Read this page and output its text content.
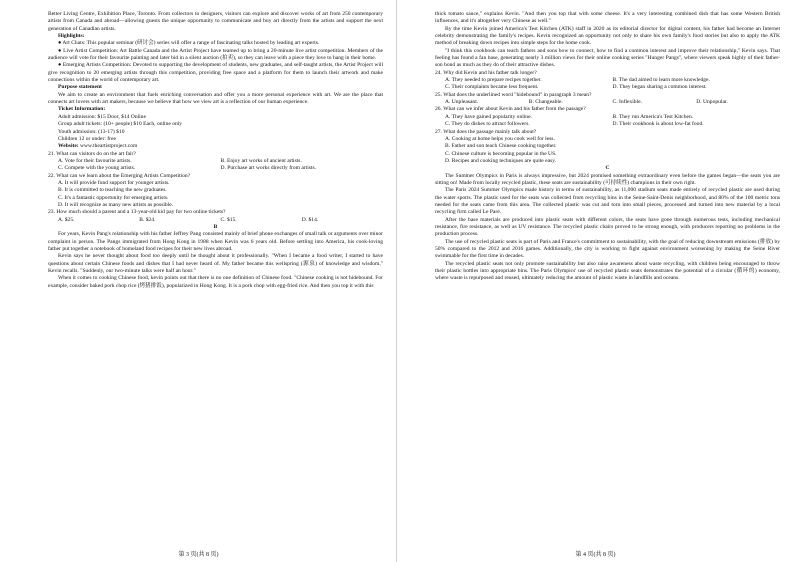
Better Living Centre, Exhibition Place, Toronto. From collectors to designers, visitors can explore and discover works of art from 250 contemporary artists from Canada and abroad—allowing guests the unique opportunity to communicate and buy art directly from the artists and support the next generation of Canadian artists.

Highlights:

● Art Chats: This popular seminar (研讨会) series will offer a range of fascinating talks hosted by leading art experts.

● Live Artist Competition: Art Battle Canada and the Artist Project have teamed up to bring a 20-minute live artist competition. Members of the audience will vote for their favourite painting and later bid in a silent auction (拍卖), so they can leave with a piece they love to hang in their home.

● Emerging Artists Competition: Devoted to supporting the development of students, new graduates, and self-taught artists, the Artist Project will give recognition to 20 emerging artists through this competition, providing free space and a platform for them to launch their artwork and make connections within the world of contemporary art.

Purpose statement

We aim to create an environment that fuels enriching conversation and offer you a more personal experience with art. We are the place that connects art lovers with art makers, because we believe that how we view art is a reflection of our human experience.

Ticket Information:

Adult admission: $15 Door, $14 Online

Group adult tickets: (10+ people) $10 Each, online only

Youth admission: (13-17) $10

Children 12 or under: free

Website: www.theartistproject.com

21. What can visitors do on the art fair?

A. Vote for their favourite artists.	B. Enjoy art works of ancient artists.
C. Compete with the young artists.	D. Purchase art works directly from artists.

22. What can we learn about the Emerging Artists Competition?

A. It will provide fund support for younger artists.

B. It is committed to teaching the new graduates.

C. It's a fantastic opportunity for emerging artists.

D. It will recognize as many new artists as possible.

23. How much should a parent and a 13-year-old kid pay for two online tickets?

A. $25.	B. $24.	C. $15.	D. $14.

B

For years, Kevin Pang's relationship with his father Jeffrey Pang consisted mainly of brief phone exchanges of small talk or arguments over minor complaint in person. The Pangs immigrated from Hong Kong in 1988 when Kevin was 6 years old. Before settling into America, his cook-loving father put together a notebook of homeland food recipes for their new lives abroad.

Kevin says he never thought about food too deeply until he thought about it professionally. "When I became a food writer, I started to have questions about certain Chinese foods and dishes that I had never heard of. My father became this wellspring (源泉) of knowledge and wisdom," Kevin recalls. "Suddenly, our two-minute talks were half an hour."

When it comes to cooking Chinese food, kevin points out that there is no one definition of Chinese food. "Chinese cooking is not hidebound. For example, consider baked pork chop rice (烤猪排饭), popularized in Hong Kong. It is a pork chop with egg-fried rice. And then you top it with this

第 3 页(共 8 页)

thick tomato sauce," explains Kevin. "And then you top that with some cheese. It's a very interesting combined dish that has some Western British influences, and it's altogether very Chinese as well."

By the time Kevin joined America's Test Kitchen (ATK) staff in 2020 as its editorial director for digital content, his father had become an Internet celebrity demonstrating the family's recipes. Kevin recognized an opportunity not only to share his own family's food stories but also to apply the ATK method of breaking down recipes into simple steps for the home cook.

"I think this cookbook can teach fathers and sons how to connect, how to find a common interest and improve their relationship," Kevin says. That feeling has found a fan base, generating nearly 3 million views for their online cooking series "Hunger Pangs", where viewers speak highly of their father-son bond as much as they do of their attractive dishes.

24. Why did Kevin and his father talk longer?

A. They needed to prepare recipes together.	B. The dad aimed to learn more knowledge.
C. Their complaints became less frequent.	D. They began sharing a common interest.

25. What does the underlined word "hidebound" in paragraph 3 mean?

A. Unpleasant.	B. Changeable.	C. Inflexible.	D. Unpopular.

26. What can we infer about Kevin and his father from the passage?

A. They have gained popularity online.	B. They run America's Test Kitchen.
C. They do dishes to attract followers.	D. Their cookbook is about low-fat food.

27. What does the passage mainly talk about?

A. Cooking at home helps you cook well for less.

B. Father and son teach Chinese cooking together.

C. Chinese culture is becoming popular in the US.

D. Recipes and cooking techniques are quite easy.

C

The Summer Olympics in Paris is always impressive, but 2024 promised something extraordinary even before the games began—the seats you are sitting on! Made from locally recycled plastic, these seats are sustainability (可持续性) champions in their own right.

The Paris 2024 Summer Olympics made history in terms of sustainability, as 11,000 stadium seats made entirely of recycled plastic are used during the water sports. The plastic used for the seats was collected from recycling bins in the Seine-Saint-Denis neighborhood, and 80% of the 100 metric tons needed for the seats came from this area. The collected plastic was cut and torn into small pieces, processed and turned into new material by a local recycling firm called Le Paré.

After the base materials are produced into plastic seats with different colors, the seats have gone through numerous tests, including mechanical resistance, fire resistance, as well as UV resistance. The recycled plastic chairs proved to be strong enough, with producers reporting no problems in the production process.

The use of recycled plastic seats is part of Paris and France's commitment to sustainability, with the goal of reducing downstream emissions (排放) by 50% compared to the 2012 and 2016 games. Additionally, the city is working to fight against environment worsening by making the Seine River swimmable for the first time in decades.

The recycled plastic seats not only promote sustainability but also raise awareness about waste recycling, with children being encouraged to throw their plastic bottles into appropriate bins. The Paris Olympics' use of recycled plastic seats demonstrates the potential of a circular (循环的) economy, where waste is repurposed and reused, ultimately reducing the amount of plastic waste in landfills and oceans.

第 4 页(共 8 页)
